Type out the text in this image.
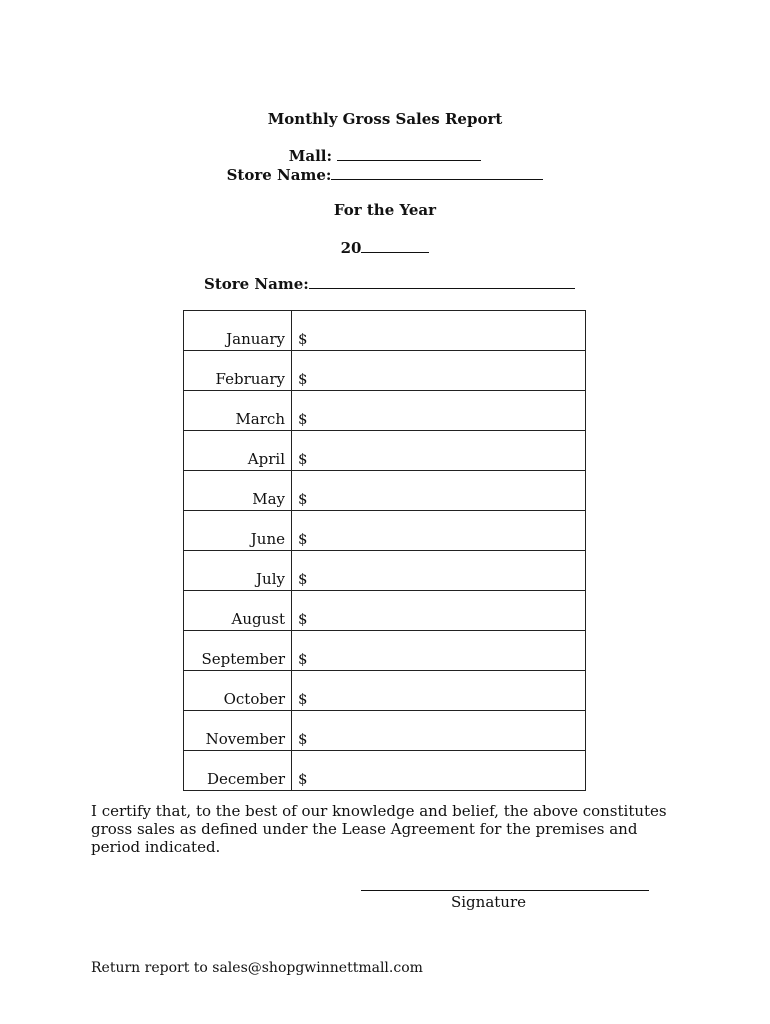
Monthly Gross Sales Report
Mall:
Store Name:
For the Year
20
Store Name:
January	$
February	$
March	$
April	$
May	$
June	$
July	$
August	$
September	$
October	$
November	$
December	$
I certify that, to the best of our knowledge and belief, the above constitutes gross sales as defined under the Lease Agreement for the premises and period indicated.
Signature
Return report to sales@shopgwinnettmall.com
